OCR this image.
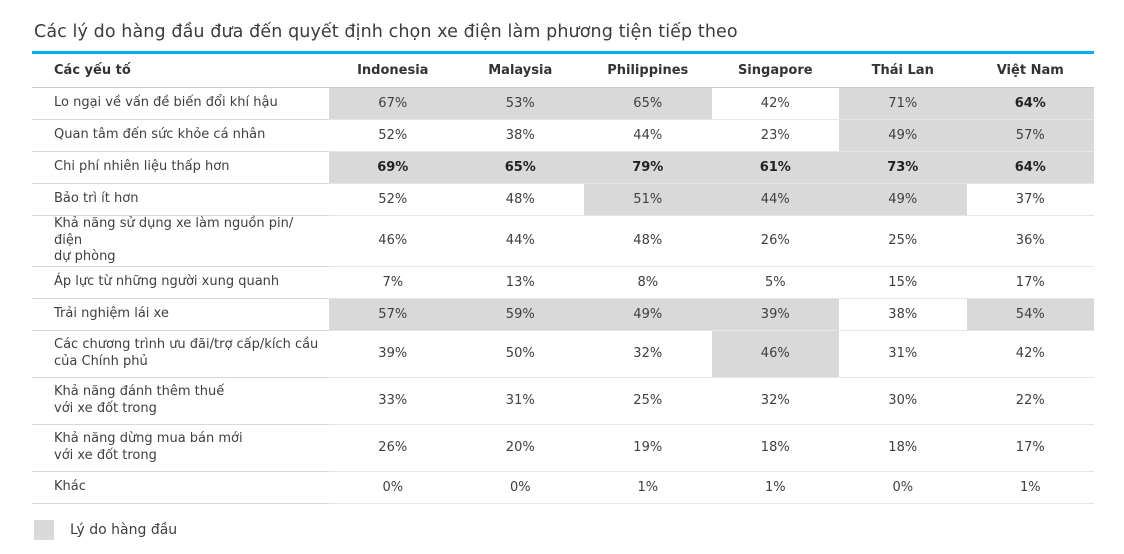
Các lý do hàng đầu đưa đến quyết định chọn xe điện làm phương tiện tiếp theo
Các yếu tố	Indonesia	Malaysia	Philippines	Singapore	Thái Lan	Việt Nam

Lo ngại về vấn đề biến đổi khí hậu	67%	53%	65%	42%	71%	64%

Quan tâm đến sức khỏe cá nhân	52%	38%	44%	23%	49%	57%

Chi phí nhiên liệu thấp hơn	69%	65%	79%	61%	73%	64%

Bảo trì ít hơn	52%	48%	51%	44%	49%	37%

Khả năng sử dụng xe làm nguồn pin/điện
dự phòng	46%	44%	48%	26%	25%	36%

Áp lực từ những người xung quanh	7%	13%	8%	5%	15%	17%

Trải nghiệm lái xe	57%	59%	49%	39%	38%	54%

Các chương trình ưu đãi/trợ cấp/kích cầu
của Chính phủ	39%	50%	32%	46%	31%	42%

Khả năng đánh thêm thuế
với xe đốt trong	33%	31%	25%	32%	30%	22%

Khả năng dừng mua bán mới
với xe đốt trong	26%	20%	19%	18%	18%	17%

Khác	0%	0%	1%	1%	0%	1%
Lý do hàng đầu
